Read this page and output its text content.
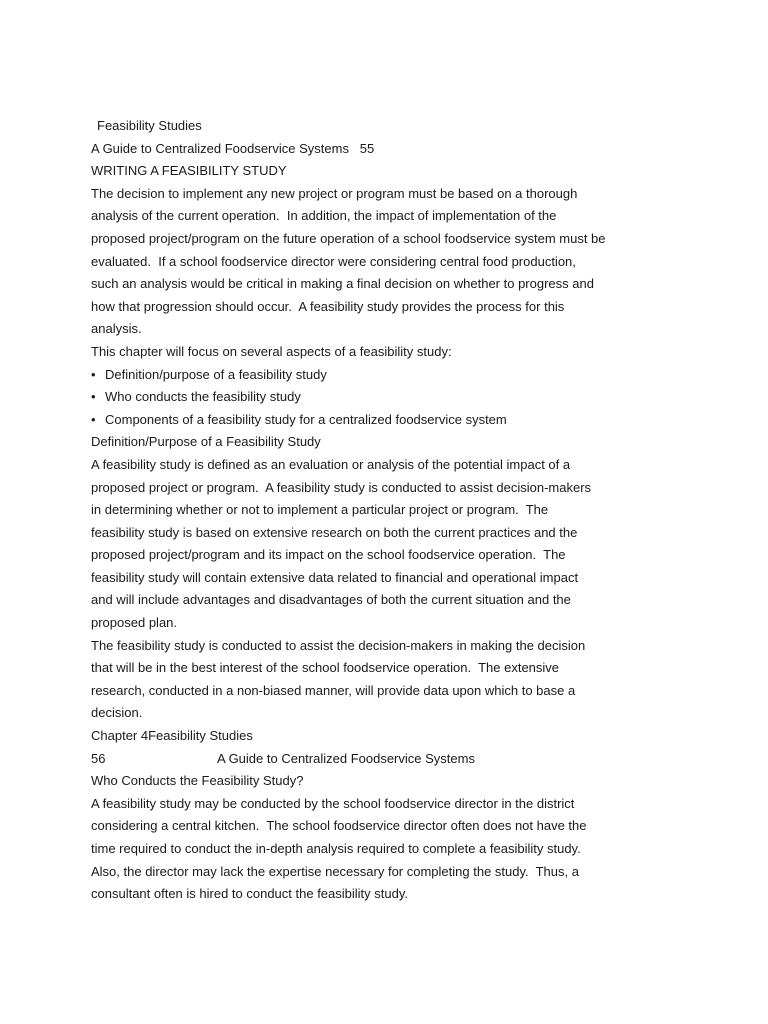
Feasibility Studies
A Guide to Centralized Foodservice Systems   55
WRITING A FEASIBILITY STUDY
The decision to implement any new project or program must be based on a thorough
analysis of the current operation.  In addition, the impact of implementation of the
proposed project/program on the future operation of a school foodservice system must be
evaluated.  If a school foodservice director were considering central food production,
such an analysis would be critical in making a final decision on whether to progress and
how that progression should occur.  A feasibility study provides the process for this
analysis.
This chapter will focus on several aspects of a feasibility study:
• Definition/purpose of a feasibility study
• Who conducts the feasibility study
• Components of a feasibility study for a centralized foodservice system
Definition/Purpose of a Feasibility Study
A feasibility study is defined as an evaluation or analysis of the potential impact of a
proposed project or program.  A feasibility study is conducted to assist decision-makers
in determining whether or not to implement a particular project or program.  The
feasibility study is based on extensive research on both the current practices and the
proposed project/program and its impact on the school foodservice operation.  The
feasibility study will contain extensive data related to financial and operational impact
and will include advantages and disadvantages of both the current situation and the
proposed plan.
The feasibility study is conducted to assist the decision-makers in making the decision
that will be in the best interest of the school foodservice operation.  The extensive
research, conducted in a non-biased manner, will provide data upon which to base a
decision.
Chapter 4Feasibility Studies
56	A Guide to Centralized Foodservice Systems
Who Conducts the Feasibility Study?
A feasibility study may be conducted by the school foodservice director in the district
considering a central kitchen.  The school foodservice director often does not have the
time required to conduct the in-depth analysis required to complete a feasibility study.
Also, the director may lack the expertise necessary for completing the study.  Thus, a
consultant often is hired to conduct the feasibility study.
